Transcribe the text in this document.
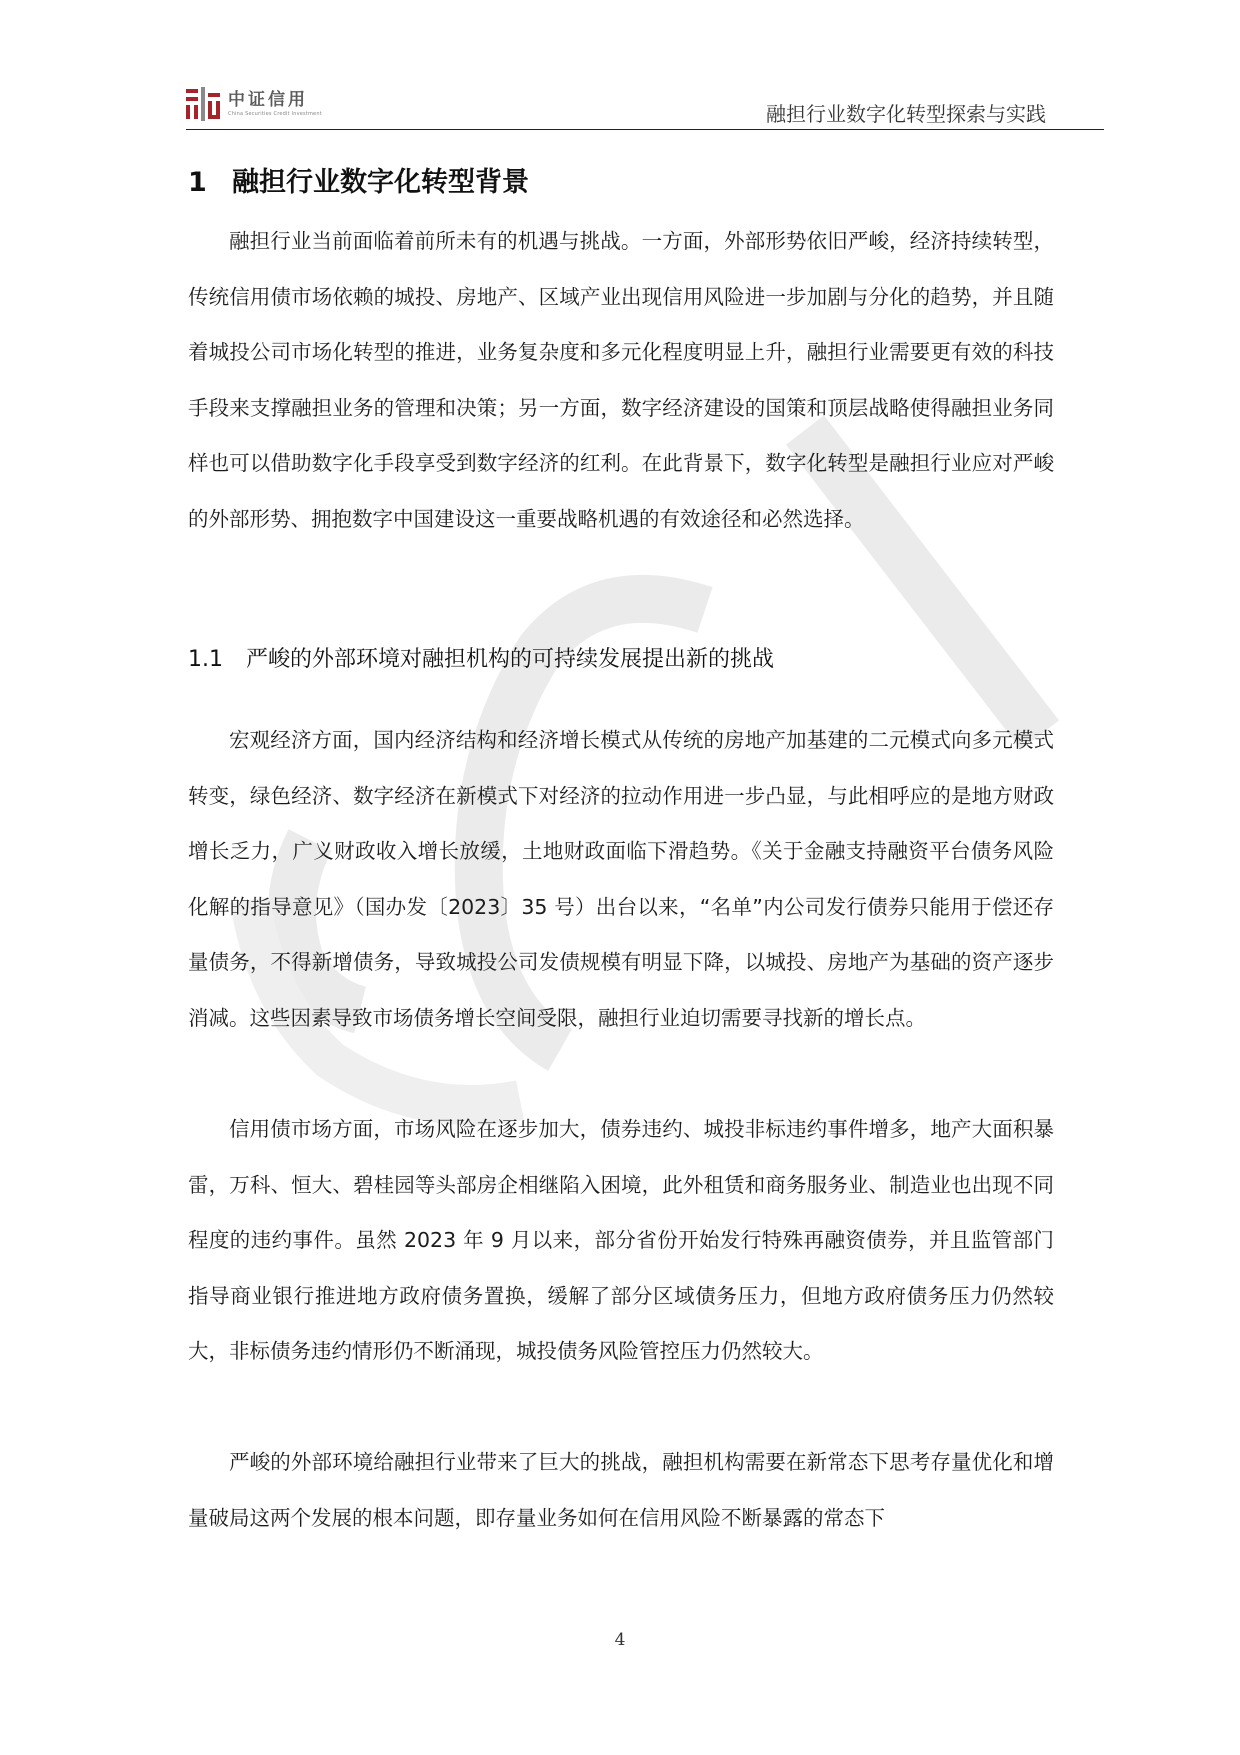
中证信用
China Securities Credit Investment	融担行业数字化转型探索与实践
1 融担行业数字化转型背景

融担行业当前面临着前所未有的机遇与挑战。一方面，外部形势依旧严峻，经济持续转型，传统信用债市场依赖的城投、房地产、区域产业出现信用风险进一步加剧与分化的趋势，并且随着城投公司市场化转型的推进，业务复杂度和多元化程度明显上升，融担行业需要更有效的科技手段来支撑融担业务的管理和决策；另一方面，数字经济建设的国策和顶层战略使得融担业务同样也可以借助数字化手段享受到数字经济的红利。在此背景下，数字化转型是融担行业应对严峻的外部形势、拥抱数字中国建设这一重要战略机遇的有效途径和必然选择。

1.1 严峻的外部环境对融担机构的可持续发展提出新的挑战

宏观经济方面，国内经济结构和经济增长模式从传统的房地产加基建的二元模式向多元模式转变，绿色经济、数字经济在新模式下对经济的拉动作用进一步凸显，与此相呼应的是地方财政增长乏力，广义财政收入增长放缓，土地财政面临下滑趋势。《关于金融支持融资平台债务风险化解的指导意见》（国办发〔2023〕35 号）出台以来，“名单”内公司发行债券只能用于偿还存量债务，不得新增债务，导致城投公司发债规模有明显下降，以城投、房地产为基础的资产逐步消减。这些因素导致市场债务增长空间受限，融担行业迫切需要寻找新的增长点。

信用债市场方面，市场风险在逐步加大，债券违约、城投非标违约事件增多，地产大面积暴雷，万科、恒大、碧桂园等头部房企相继陷入困境，此外租赁和商务服务业、制造业也出现不同程度的违约事件。虽然 2023 年 9 月以来，部分省份开始发行特殊再融资债券，并且监管部门指导商业银行推进地方政府债务置换，缓解了部分区域债务压力，但地方政府债务压力仍然较大，非标债务违约情形仍不断涌现，城投债务风险管控压力仍然较大。

严峻的外部环境给融担行业带来了巨大的挑战，融担机构需要在新常态下思考存量优化和增量破局这两个发展的根本问题，即存量业务如何在信用风险不断暴露的常态下

4
